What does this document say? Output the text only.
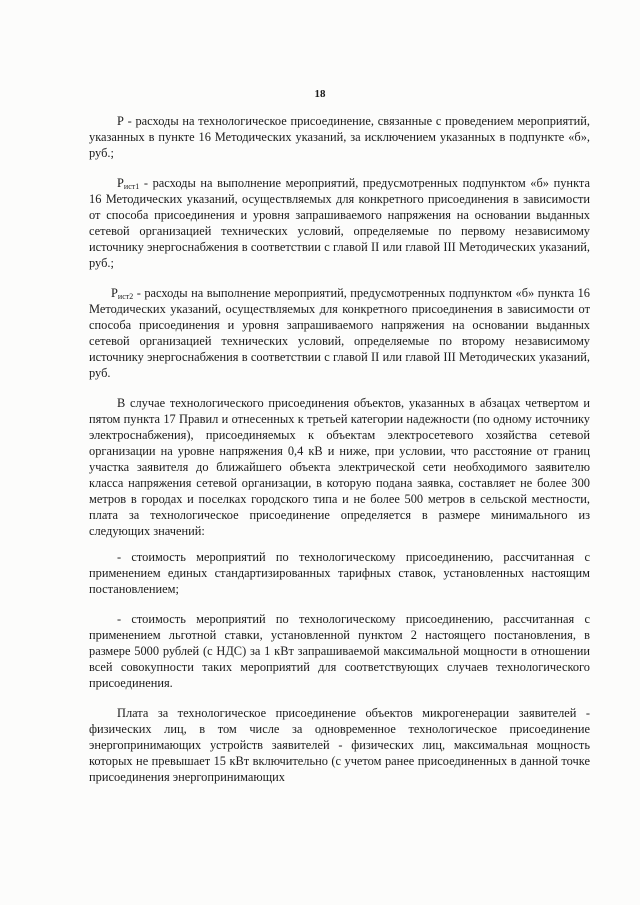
18

Р - расходы на технологическое присоединение, связанные с проведением мероприятий, указанных в пункте 16 Методических указаний, за исключением указанных в подпункте «б», руб.;

$Р_{ист1}$ - расходы на выполнение мероприятий, предусмотренных подпунктом «б» пункта 16 Методических указаний, осуществляемых для конкретного присоединения в зависимости от способа присоединения и уровня запрашиваемого напряжения на основании выданных сетевой организацией технических условий, определяемые по первому независимому источнику энергоснабжения в соответствии с главой II или главой III Методических указаний, руб.;

$Р_{ист2}$ - расходы на выполнение мероприятий, предусмотренных подпунктом «б» пункта 16 Методических указаний, осуществляемых для конкретного присоединения в зависимости от способа присоединения и уровня запрашиваемого напряжения на основании выданных сетевой организацией технических условий, определяемые по второму независимому источнику энергоснабжения в соответствии с главой II или главой III Методических указаний, руб.

В случае технологического присоединения объектов, указанных в абзацах четвертом и пятом пункта 17 Правил и отнесенных к третьей категории надежности (по одному источнику электроснабжения), присоединяемых к объектам электросетевого хозяйства сетевой организации на уровне напряжения 0,4 кВ и ниже, при условии, что расстояние от границ участка заявителя до ближайшего объекта электрической сети необходимого заявителю класса напряжения сетевой организации, в которую подана заявка, составляет не более 300 метров в городах и поселках городского типа и не более 500 метров в сельской местности, плата за технологическое присоединение определяется в размере минимального из следующих значений:

- стоимость мероприятий по технологическому присоединению, рассчитанная с применением единых стандартизированных тарифных ставок, установленных настоящим постановлением;

- стоимость мероприятий по технологическому присоединению, рассчитанная с применением льготной ставки, установленной пунктом 2 настоящего постановления, в размере 5000 рублей (с НДС) за 1 кВт запрашиваемой максимальной мощности в отношении всей совокупности таких мероприятий для соответствующих случаев технологического присоединения.

Плата за технологическое присоединение объектов микрогенерации заявителей - физических лиц, в том числе за одновременное технологическое присоединение энергопринимающих устройств заявителей - физических лиц, максимальная мощность которых не превышает 15 кВт включительно (с учетом ранее присоединенных в данной точке присоединения энергопринимающих
